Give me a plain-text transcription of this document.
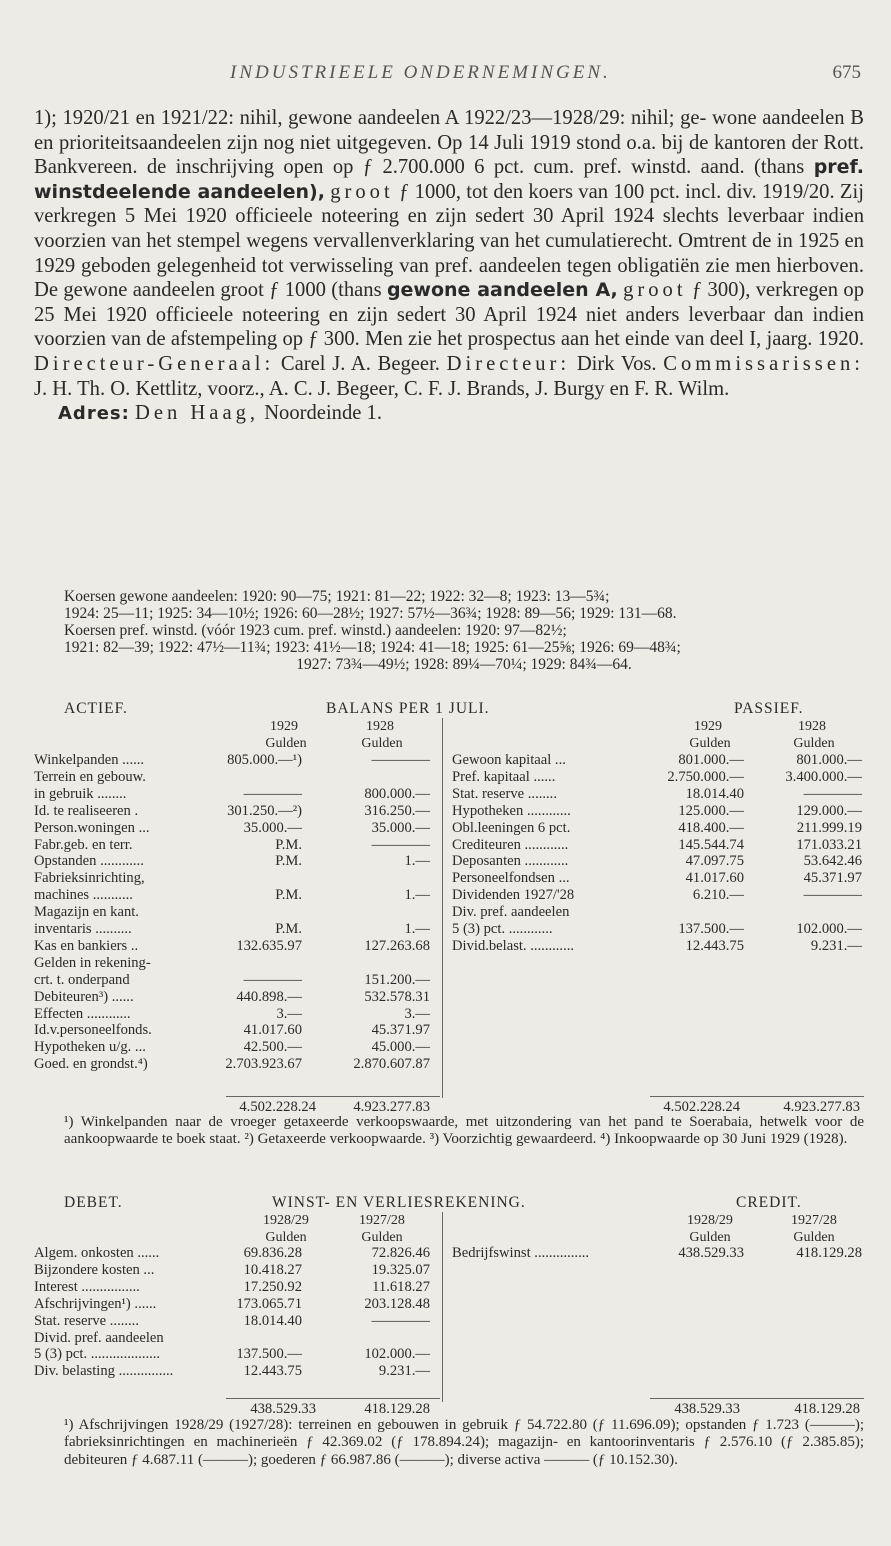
INDUSTRIEELE ONDERNEMINGEN.	675

1); 1920/21 en 1921/22: nihil, gewone aandeelen A 1922/23—1928/29: nihil; ge- wone aandeelen B en prioriteitsaandeelen zijn nog niet uitgegeven. Op 14 Juli 1919 stond o.a. bij de kantoren der Rott. Bankvereen. de inschrijving open op ƒ 2.700.000 6 pct. cum. pref. winstd. aand. (thans pref. winstdeelende aandeelen), groot ƒ 1000, tot den koers van 100 pct. incl. div. 1919/20. Zij verkregen 5 Mei 1920 officieele noteering en zijn sedert 30 April 1924 slechts leverbaar indien voorzien van het stempel wegens vervallenverklaring van het cumulatierecht. Omtrent de in 1925 en 1929 geboden gelegenheid tot verwisseling van pref. aandeelen tegen obligatiën zie men hierboven. De gewone aandeelen groot ƒ 1000 (thans gewone aandeelen A, groot ƒ 300), verkregen op 25 Mei 1920 officieele noteering en zijn sedert 30 April 1924 niet anders leverbaar dan indien voorzien van de afstempeling op ƒ 300. Men zie het prospectus aan het einde van deel I, jaarg. 1920. Directeur-Generaal: Carel J. A. Begeer. Directeur: Dirk Vos. Commissarissen: J. H. Th. O. Kettlitz, voorz., A. C. J. Begeer, C. F. J. Brands, J. Burgy en F. R. Wilm.

Adres: Den Haag, Noordeinde 1.

Koersen gewone aandeelen: 1920: 90—75; 1921: 81—22; 1922: 32—8; 1923: 13—5¾;
1924: 25—11; 1925: 34—10½; 1926: 60—28½; 1927: 57½—36¾; 1928: 89—56; 1929: 131—68.
Koersen pref. winstd. (vóór 1923 cum. pref. winstd.) aandeelen: 1920: 97—82½;
1921: 82—39; 1922: 47½—11¾; 1923: 41½—18; 1924: 41—18; 1925: 61—25⅝; 1926: 69—48¾;
1927: 73¾—49½; 1928: 89¼—70¼; 1929: 84¾—64.
ACTIEF.	BALANS PER 1 JULI.	PASSIEF.
1929	1928	1929	1928
Gulden	Gulden	Gulden	Gulden
Winkelpanden ......	805.000.—¹)	————
Terrein en gebouw.
in gebruik ........	————	800.000.—
Id. te realiseeren .	301.250.—²)	316.250.—
Person.woningen ...	35.000.—	35.000.—
Fabr.geb. en terr.	P.M.	————
Opstanden ............	P.M.	1.—
Fabrieksinrichting,
machines ...........	P.M.	1.—
Magazijn en kant.
inventaris ..........	P.M.	1.—
Kas en bankiers ..	132.635.97	127.263.68
Gelden in rekening-
crt. t. onderpand	————	151.200.—
Debiteuren³) ......	440.898.—	532.578.31
Effecten ............	3.—	3.—
Id.v.personeelfonds.	41.017.60	45.371.97
Hypotheken u/g. ...	42.500.—	45.000.—
Goed. en grondst.⁴)	2.703.923.67	2.870.607.87
Gewoon kapitaal ...	801.000.—	801.000.—
Pref. kapitaal ......	2.750.000.—	3.400.000.—
Stat. reserve ........	18.014.40	————
Hypotheken ............	125.000.—	129.000.—
Obl.leeningen 6 pct.	418.400.—	211.999.19
Crediteuren ............	145.544.74	171.033.21
Deposanten ............	47.097.75	53.642.46
Personeelfondsen ...	41.017.60	45.371.97
Dividenden 1927/'28	6.210.—	————
Div. pref. aandeelen
5 (3) pct. ............	137.500.—	102.000.—
Divid.belast. ............	12.443.75	9.231.—
4.502.228.24	4.923.277.83	4.502.228.24	4.923.277.83
¹) Winkelpanden naar de vroeger getaxeerde verkoopswaarde, met uitzondering van het pand te Soerabaia, hetwelk voor de aankoopwaarde te boek staat. ²) Getaxeerde verkoopwaarde. ³) Voorzichtig gewaardeerd. ⁴) Inkoopwaarde op 30 Juni 1929 (1928).
DEBET.	WINST- EN VERLIESREKENING.	CREDIT.
1928/29	1927/28	1928/29	1927/28
Gulden	Gulden	Gulden	Gulden
Algem. onkosten ......	69.836.28	72.826.46
Bijzondere kosten ...	10.418.27	19.325.07
Interest ................	17.250.92	11.618.27
Afschrijvingen¹) ......	173.065.71	203.128.48
Stat. reserve ........	18.014.40	————
Divid. pref. aandeelen
5 (3) pct. ...................	137.500.—	102.000.—
Div. belasting ...............	12.443.75	9.231.—
Bedrijfswinst ...............	438.529.33	418.129.28
438.529.33	418.129.28	438.529.33	418.129.28
¹) Afschrijvingen 1928/29 (1927/28): terreinen en gebouwen in gebruik ƒ 54.722.80 (ƒ 11.696.09); opstanden ƒ 1.723 (———); fabrieksinrichtingen en machinerieën ƒ 42.369.02 (ƒ 178.894.24); magazijn- en kantoorinventaris ƒ 2.576.10 (ƒ 2.385.85); debiteuren ƒ 4.687.11 (———); goederen ƒ 66.987.86 (———); diverse activa ——— (ƒ 10.152.30).
